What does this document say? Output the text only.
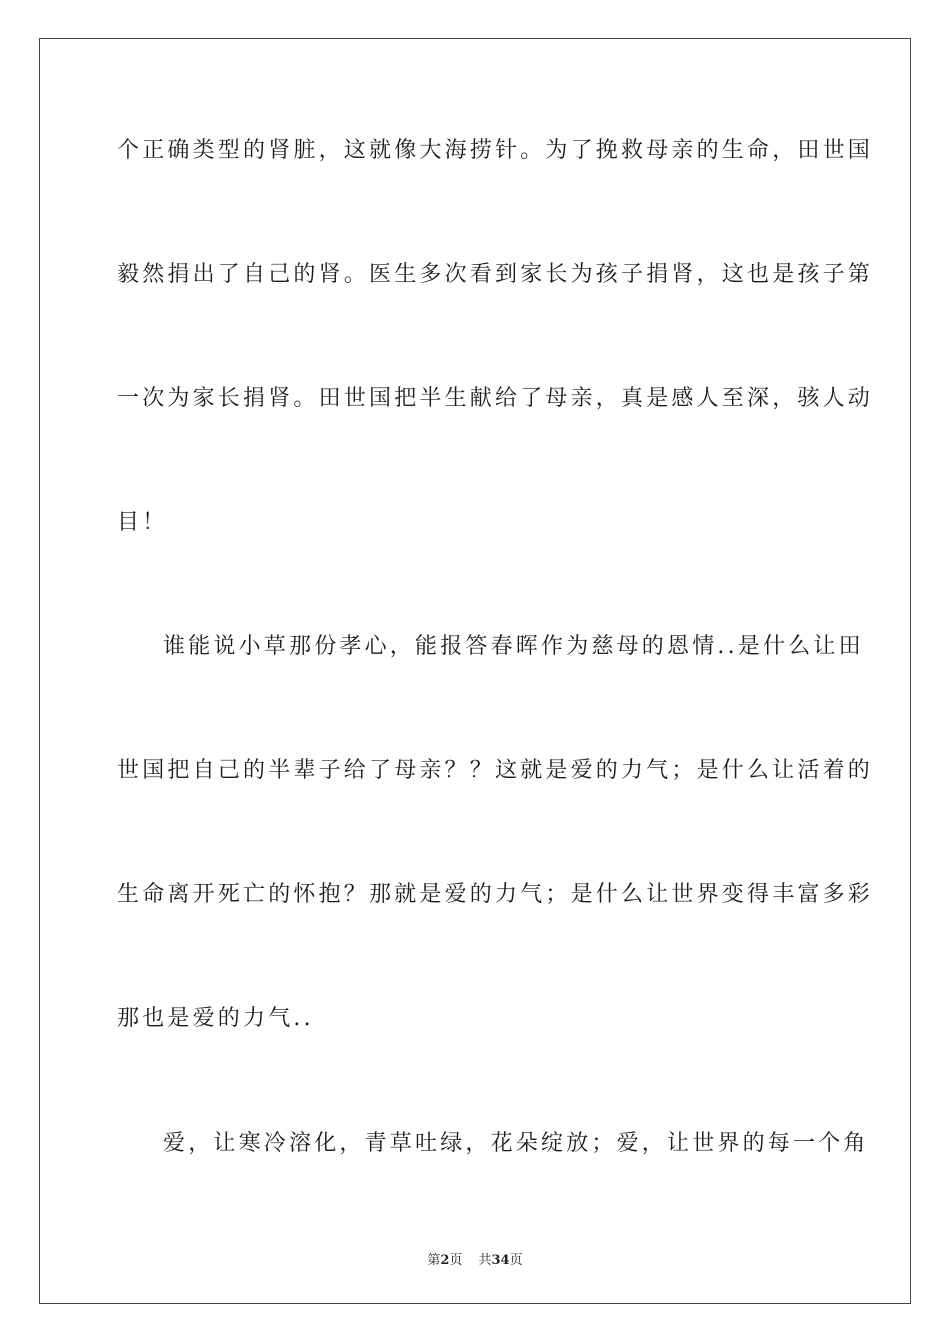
个正确类型的肾脏，这就像大海捞针。为了挽救母亲的生命，田世国
毅然捐出了自己的肾。医生多次看到家长为孩子捐肾，这也是孩子第
一次为家长捐肾。田世国把半生献给了母亲，真是感人至深，骇人动
目！
谁能说小草那份孝心，能报答春晖作为慈母的恩情..是什么让田
世国把自己的半辈子给了母亲？？这就是爱的力气；是什么让活着的
生命离开死亡的怀抱？那就是爱的力气；是什么让世界变得丰富多彩
那也是爱的力气..
爱，让寒冷溶化，青草吐绿，花朵绽放；爱，让世界的每一个角
第2页 共34页
